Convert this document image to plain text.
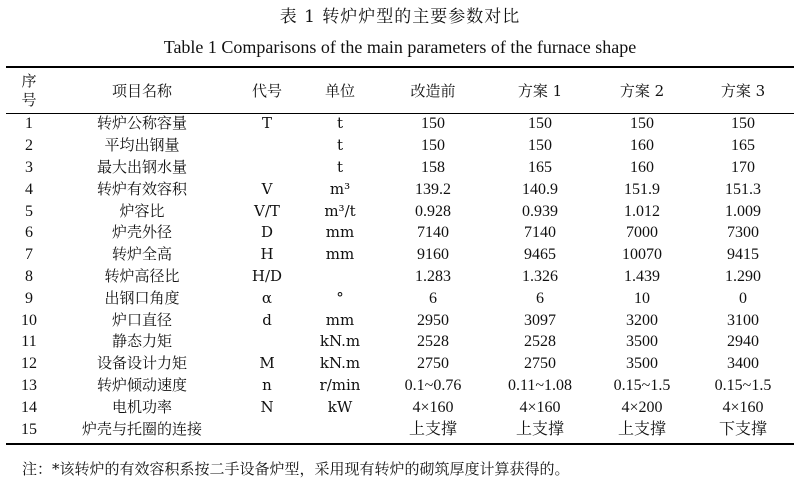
表 1 转炉炉型的主要参数对比
Table 1 Comparisons of the main parameters of the furnace shape
序
号	项目名称	代号	单位	改造前	方案 1	方案 2	方案 3
1	转炉公称容量	T	t	150	150	150	150
2	平均出钢量		t	150	150	160	165
3	最大出钢水量		t	158	165	160	170
4	转炉有效容积	V	m³	139.2	140.9	151.9	151.3
5	炉容比	V/T	m³/t	0.928	0.939	1.012	1.009
6	炉壳外径	D	mm	7140	7140	7000	7300
7	转炉全高	H	mm	9160	9465	10070	9415
8	转炉高径比	H/D		1.283	1.326	1.439	1.290
9	出钢口角度	α	°	6	6	10	0
10	炉口直径	d	mm	2950	3097	3200	3100
11	静态力矩		kN.m	2528	2528	3500	2940
12	设备设计力矩	M	kN.m	2750	2750	3500	3400
13	转炉倾动速度	n	r/min	0.1~0.76	0.11~1.08	0.15~1.5	0.15~1.5
14	电机功率	N	kW	4×160	4×160	4×200	4×160
15	炉壳与托圈的连接			上支撑	上支撑	上支撑	下支撑
注：*该转炉的有效容积系按二手设备炉型，采用现有转炉的砌筑厚度计算获得的。
